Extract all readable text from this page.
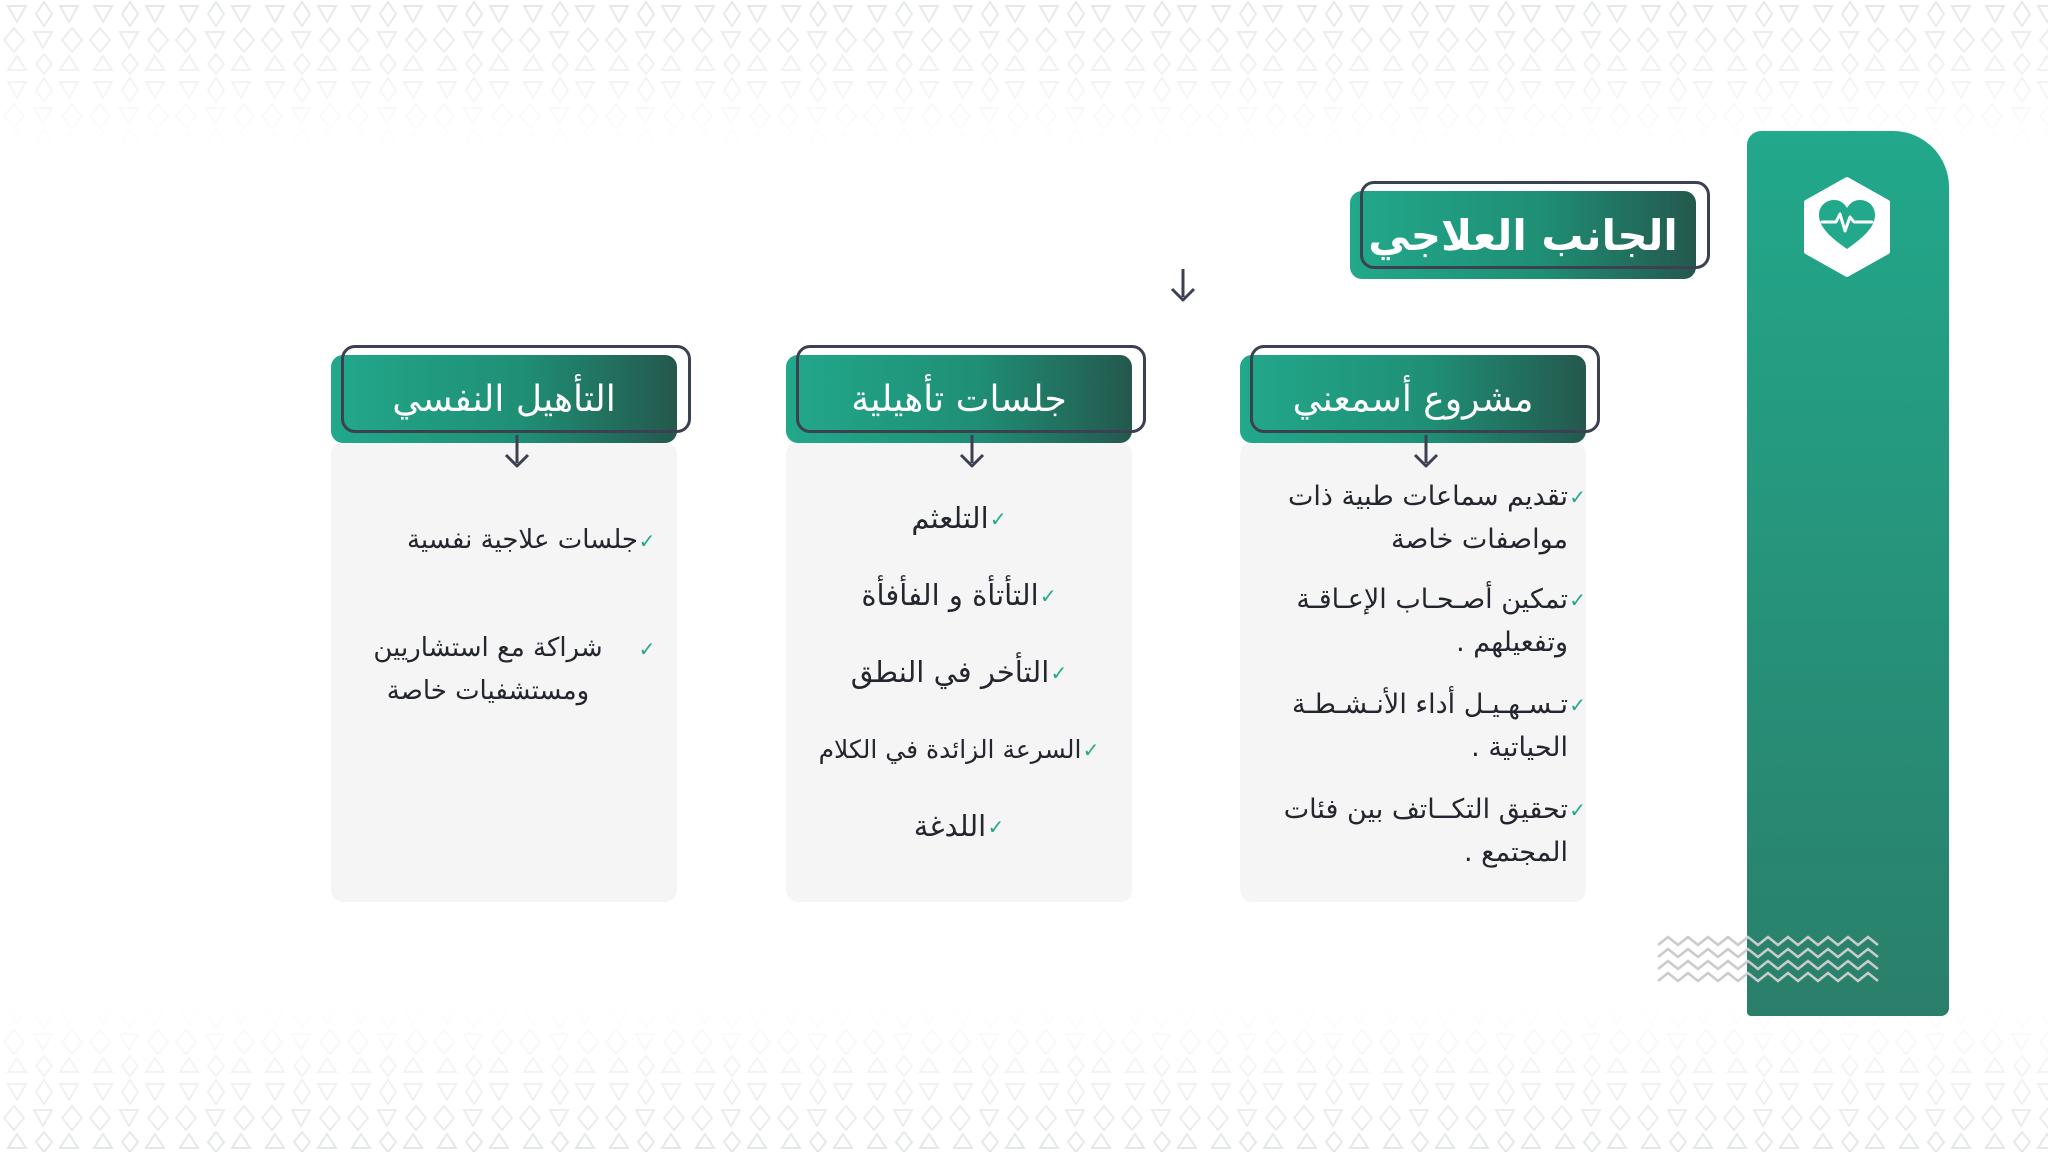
الجانب العلاجي
مشروع أسمعني
جلسات تأهيلية
التأهيل النفسي
✓
تقديم سماعات طبية ذات مواصفات خاصة
✓
تمكين أصـحـاب الإعـاقـة وتفعيلهم .
✓
تـسـهـيـل أداء الأنـشـطـة الحياتية .
✓
تحقيق التكــاتف بين فئات المجتمع .
✓
التلعثم
✓
التأتأة و الفأفأة
✓
التأخر في النطق
✓
السرعة الزائدة في الكلام
✓
اللدغة
✓
جلسات علاجية نفسية
✓
شراكة مع استشاريين ومستشفيات خاصة
